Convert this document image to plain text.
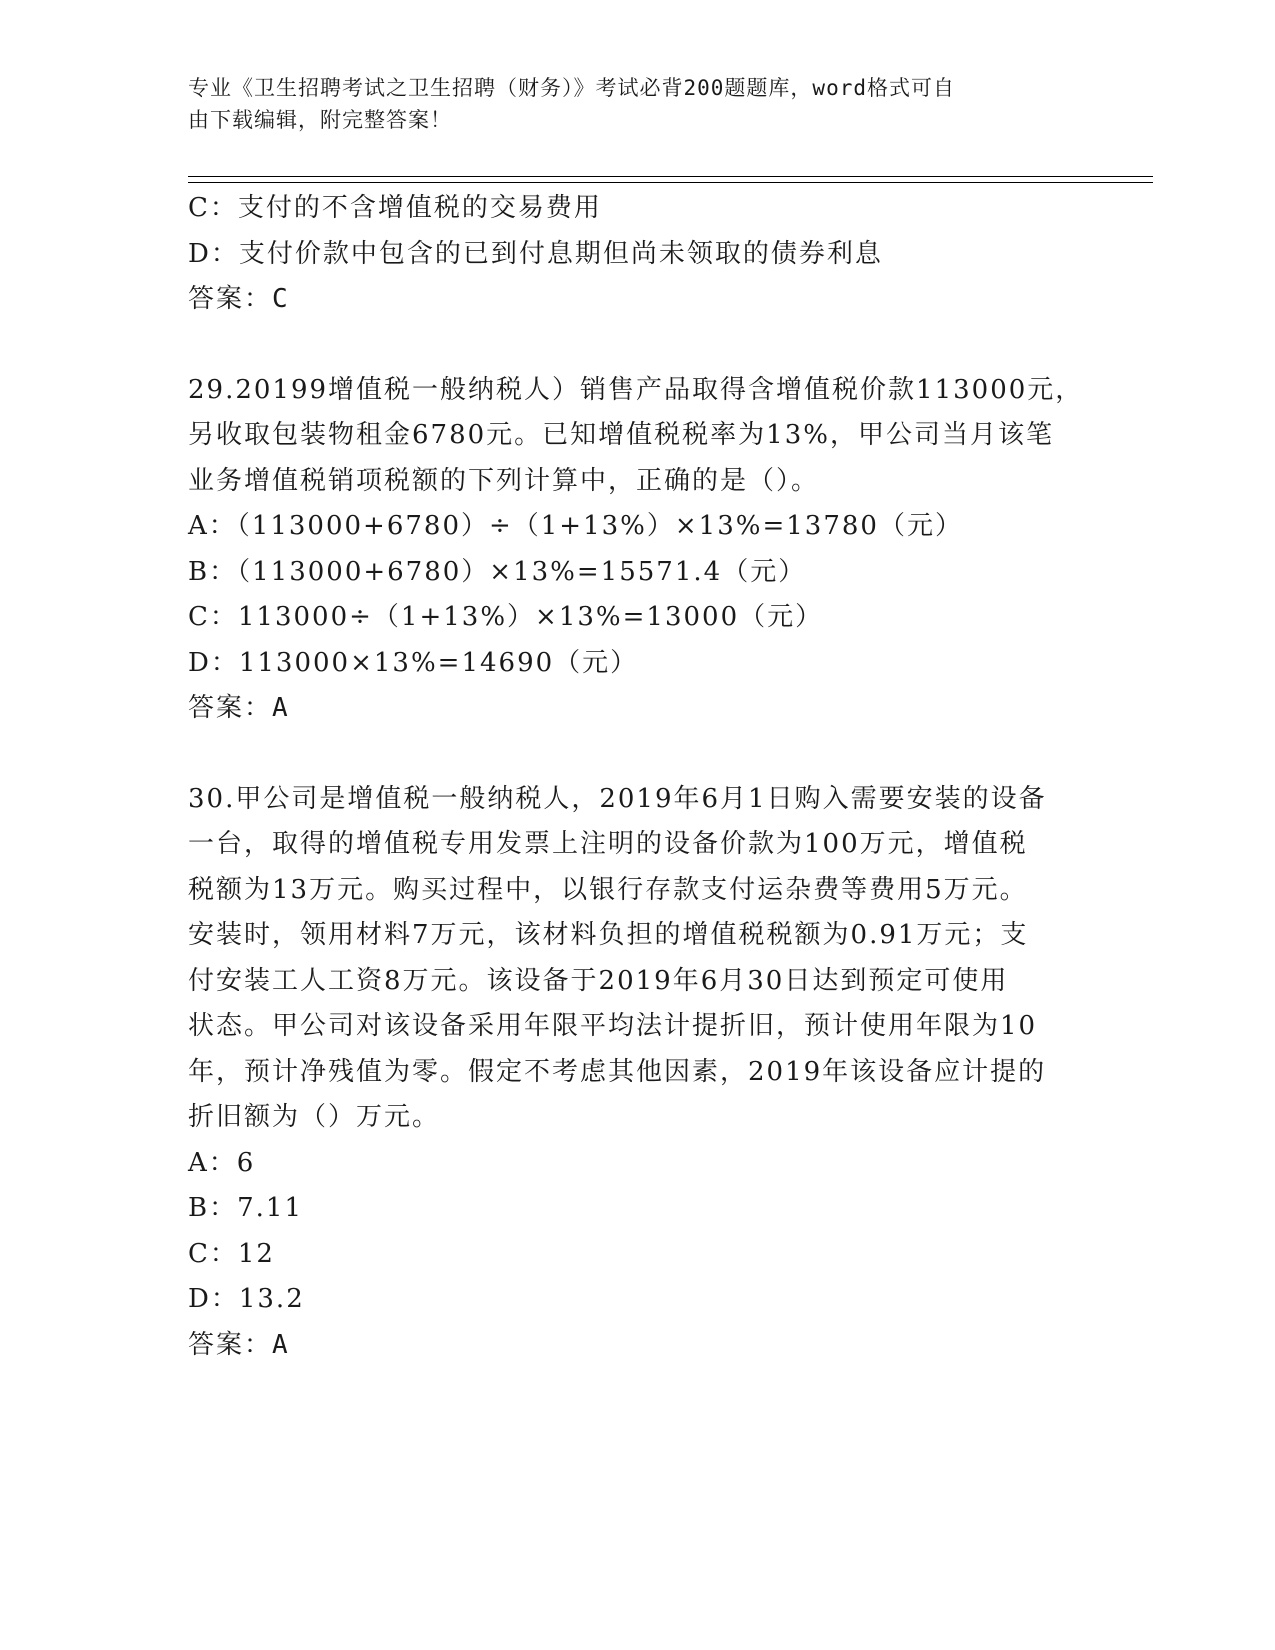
专业《卫生招聘考试之卫生招聘（财务）》考试必背200题题库，word格式可自
由下载编辑，附完整答案！
C：支付的不含增值税的交易费用
D：支付价款中包含的已到付息期但尚未领取的债券利息
答案：C
29.20199增值税一般纳税人）销售产品取得含增值税价款113000元，
另收取包装物租金6780元。已知增值税税率为13%，甲公司当月该笔
业务增值税销项税额的下列计算中，正确的是（）。
A：（113000+6780）÷（1+13%）×13%=13780（元）
B：（113000+6780）×13%=15571.4（元）
C：113000÷（1+13%）×13%=13000（元）
D：113000×13%=14690（元）
答案：A
30.甲公司是增值税一般纳税人，2019年6月1日购入需要安装的设备
一台，取得的增值税专用发票上注明的设备价款为100万元，增值税
税额为13万元。购买过程中，以银行存款支付运杂费等费用5万元。
安装时，领用材料7万元，该材料负担的增值税税额为0.91万元；支
付安装工人工资8万元。该设备于2019年6月30日达到预定可使用
状态。甲公司对该设备采用年限平均法计提折旧，预计使用年限为10
年，预计净残值为零。假定不考虑其他因素，2019年该设备应计提的
折旧额为（）万元。
A：6
B：7.11
C：12
D：13.2
答案：A
